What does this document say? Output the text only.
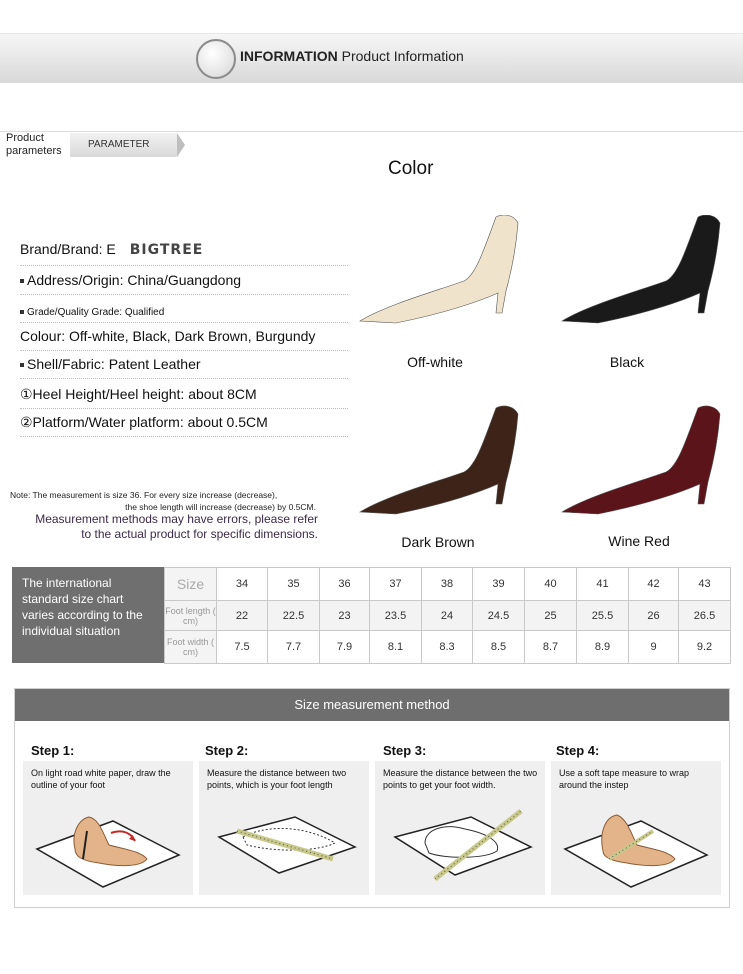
INFORMATION Product Information
Product parameters
PARAMETER
Color
Brand/Brand: E BIGTREE
Address/Origin: China/Guangdong
Grade/Quality Grade: Qualified
Colour: Off-white, Black, Dark Brown, Burgundy
Shell/Fabric: Patent Leather
①Heel Height/Heel height: about 8CM
②Platform/Water platform: about 0.5CM
Note: The measurement is size 36. For every size increase (decrease),
the shoe length will increase (decrease) by 0.5CM.
Measurement methods may have errors, please refer
to the actual product for specific dimensions.
Off-white	Black
Dark Brown	Wine Red
The international standard size chart varies according to the individual situation
Size	34	35	36	37	38	39	40	41	42	43
Foot length ( cm)	22	22.5	23	23.5	24	24.5	25	25.5	26	26.5
Foot width ( cm)	7.5	7.7	7.9	8.1	8.3	8.5	8.7	8.9	9	9.2
Size measurement method
Step 1:	Step 2:	Step 3:	Step 4:
On light road white paper, draw the outline of your foot
Measure the distance between two points, which is your foot length
Measure the distance between the two points to get your foot width.
Use a soft tape measure to wrap around the instep
